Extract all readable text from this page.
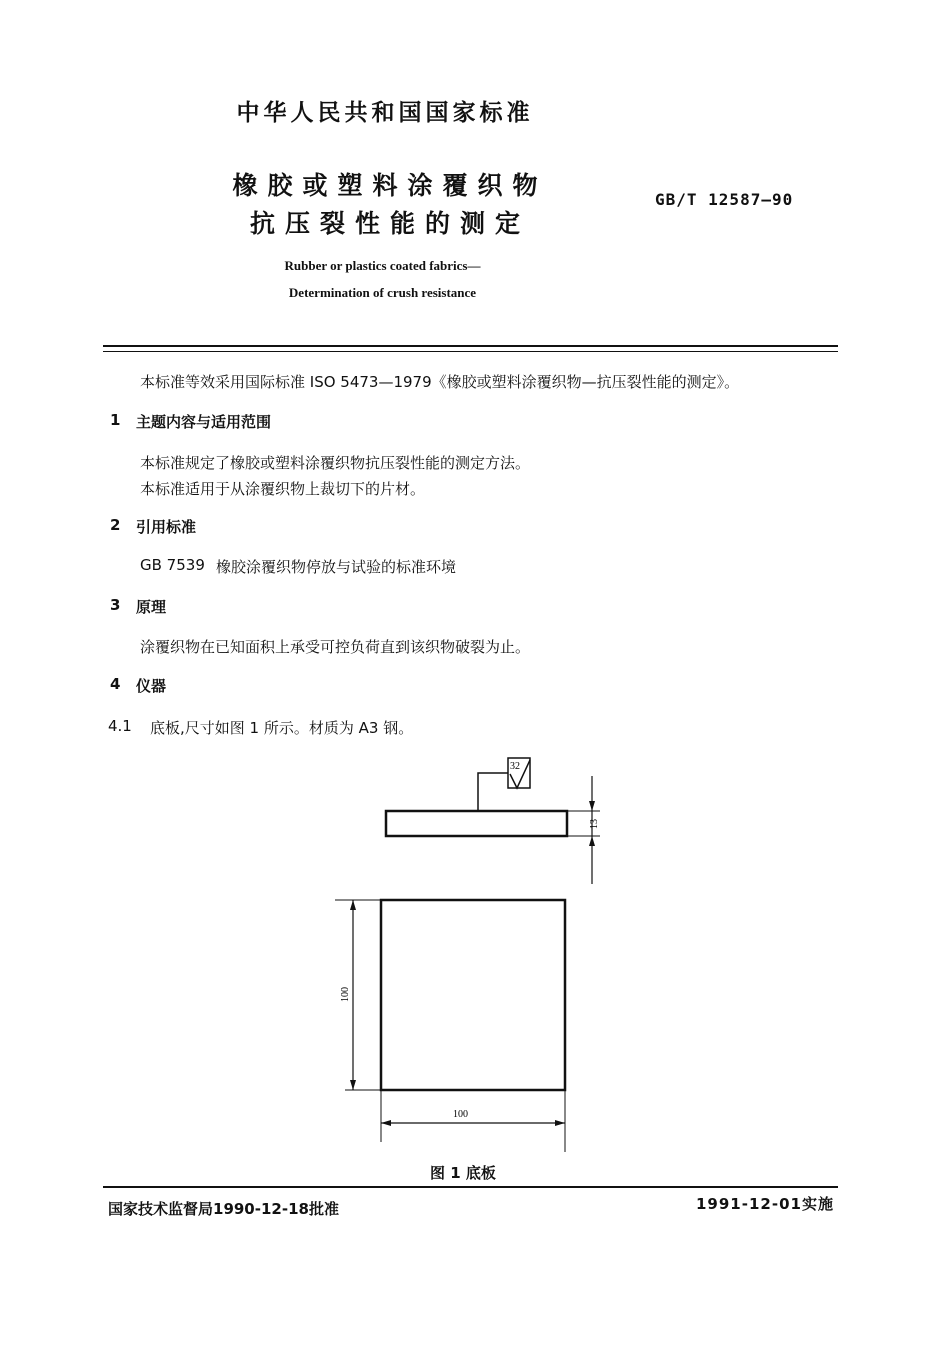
中华人民共和国国家标准
橡胶或塑料涂覆织物
抗压裂性能的测定
GB/T 12587—90
Rubber or plastics coated fabrics—
Determination of crush resistance
本标准等效采用国际标准 ISO 5473—1979《橡胶或塑料涂覆织物—抗压裂性能的测定》。
1 主题内容与适用范围
本标准规定了橡胶或塑料涂覆织物抗压裂性能的测定方法。
本标准适用于从涂覆织物上裁切下的片材。
2 引用标准
GB 7539 橡胶涂覆织物停放与试验的标准环境
3 原理
涂覆织物在已知面积上承受可控负荷直到该织物破裂为止。
4 仪器
4.1 底板,尺寸如图 1 所示。材质为 A3 钢。
32
13
100
100
图 1 底板
国家技术监督局1990-12-18批准	1991-12-01实施
